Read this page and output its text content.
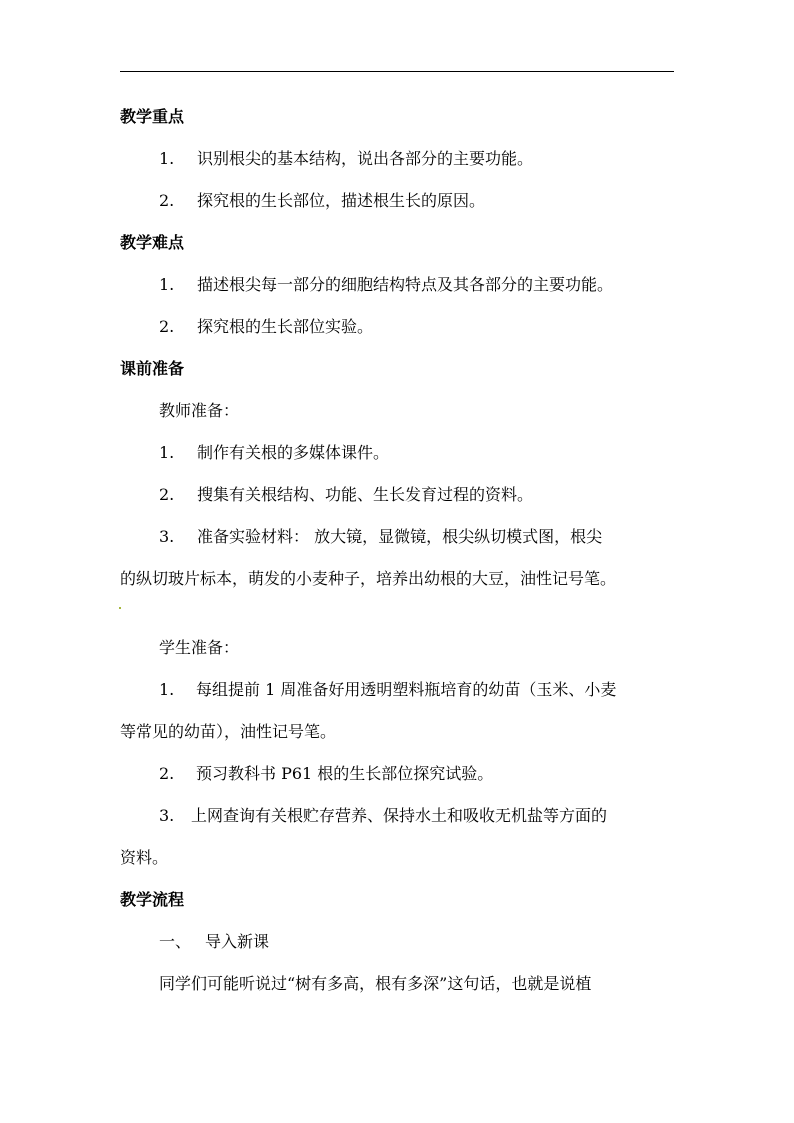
教学重点
1. 识别根尖的基本结构，说出各部分的主要功能。
2. 探究根的生长部位，描述根生长的原因。
教学难点
1. 描述根尖每一部分的细胞结构特点及其各部分的主要功能。
2. 探究根的生长部位实验。
课前准备
教师准备：
1. 制作有关根的多媒体课件。
2. 搜集有关根结构、功能、生长发育过程的资料。
3. 准备实验材料： 放大镜，显微镜，根尖纵切模式图，根尖
的纵切玻片标本，萌发的小麦种子，培养出幼根的大豆，油性记号笔。
学生准备：
1. 每组提前 1 周准备好用透明塑料瓶培育的幼苗（玉米、小麦
等常见的幼苗），油性记号笔。
2. 预习教科书 P61 根的生长部位探究试验。
3. 上网查询有关根贮存营养、保持水土和吸收无机盐等方面的
资料。
教学流程
一、 导入新课
同学们可能听说过“树有多高，根有多深”这句话，也就是说植
